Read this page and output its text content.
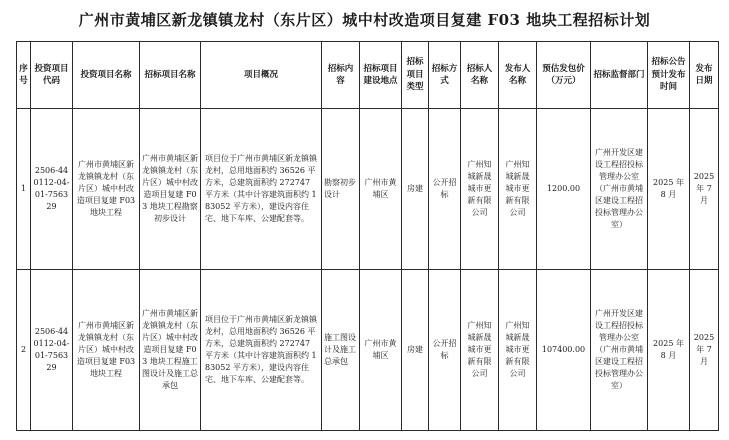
广州市黄埔区新龙镇镇龙村（东片区）城中村改造项目复建 F03 地块工程招标计划
序号	投资项目代码	投资项目名称	招标项目名称	项目概况	招标内容	招标项目建设地点	招标项目类型	招标方式	招标人名称	发布人名称	预估发包价（万元）	招标监督部门	招标公告预计发布时间	发布日期
1	2506-440112-04-01-756329	广州市黄埔区新龙镇镇龙村（东片区）城中村改造项目复建 F03 地块工程	广州市黄埔区新龙镇镇龙村（东片区）城中村改造项目复建 F03 地块工程勘察初步设计	项目位于广州市黄埔区新龙镇镇龙村，总用地面积约 36526 平方米，总建筑面积约 272747 平方米（其中计容建筑面积约 183052 平方米），建设内容住宅、地下车库、公建配套等。	勘察初步设计	广州市黄埔区	房建	公开招标	广州知城新晟城市更新有限公司	广州知城新晟城市更新有限公司	1200.00	广州开发区建设工程招投标管理办公室（广州市黄埔区建设工程招投标管理办公室）	2025 年 8 月	2025 年 7 月
2	2506-440112-04-01-756329	广州市黄埔区新龙镇镇龙村（东片区）城中村改造项目复建 F03 地块工程	广州市黄埔区新龙镇镇龙村（东片区）城中村改造项目复建 F03 地块工程施工图设计及施工总承包	项目位于广州市黄埔区新龙镇镇龙村，总用地面积约 36526 平方米，总建筑面积约 272747 平方米（其中计容建筑面积约 183052 平方米），建设内容住宅、地下车库、公建配套等。	施工图设计及施工总承包	广州市黄埔区	房建	公开招标	广州知城新晟城市更新有限公司	广州知城新晟城市更新有限公司	107400.00	广州开发区建设工程招投标管理办公室（广州市黄埔区建设工程招投标管理办公室）	2025 年 8 月	2025 年 7 月
